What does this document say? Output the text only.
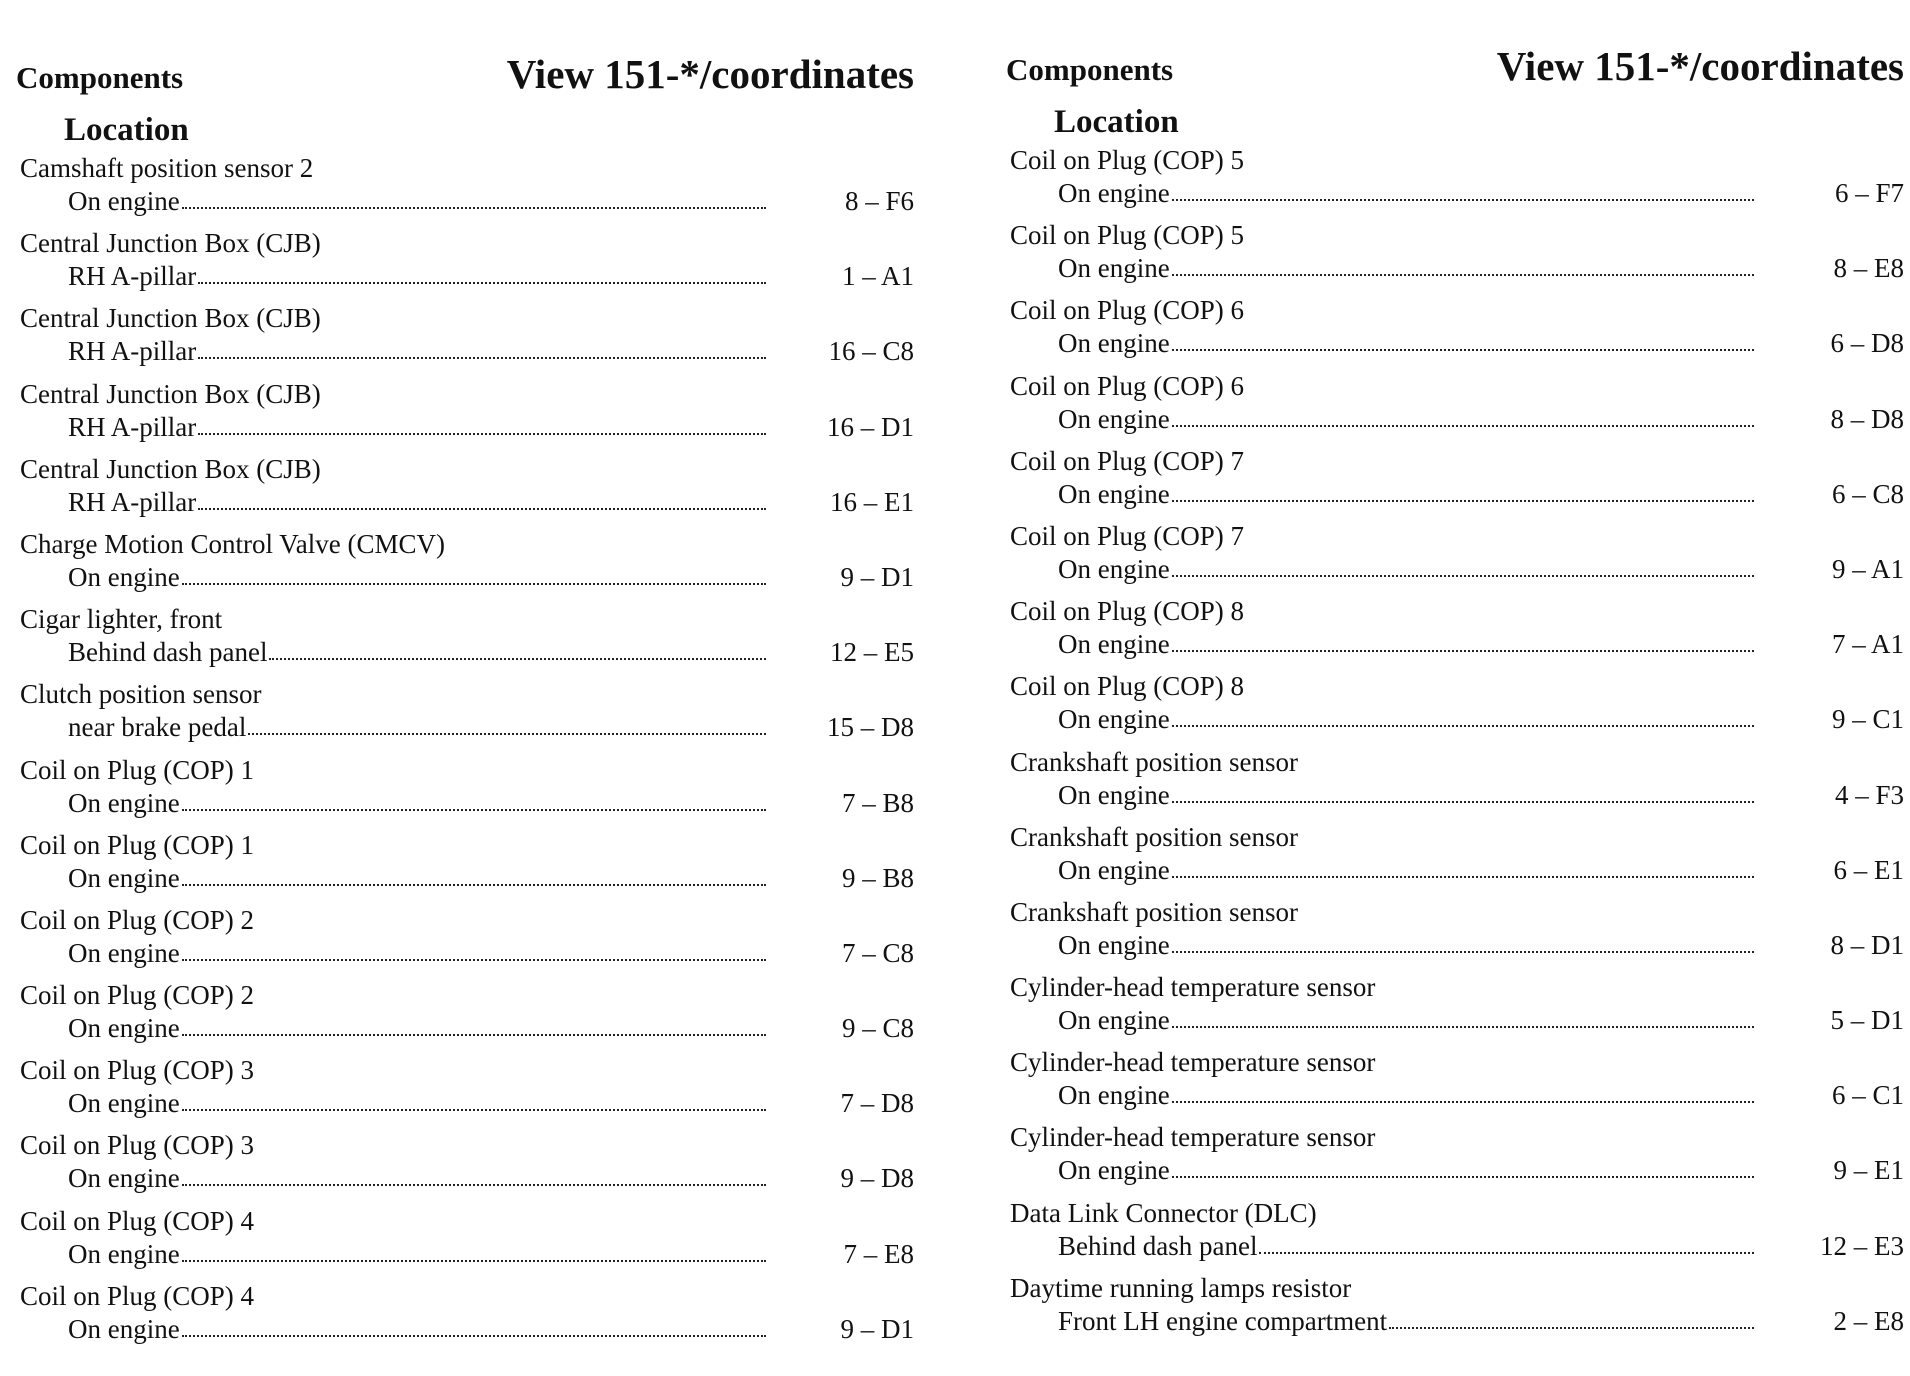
Components	View 151-*/coordinates
Location
Camshaft position sensor 2
On engine	8 – F6
Central Junction Box (CJB)
RH A-pillar	1 – A1
Central Junction Box (CJB)
RH A-pillar	16 – C8
Central Junction Box (CJB)
RH A-pillar	16 – D1
Central Junction Box (CJB)
RH A-pillar	16 – E1
Charge Motion Control Valve (CMCV)
On engine	9 – D1
Cigar lighter, front
Behind dash panel	12 – E5
Clutch position sensor
near brake pedal	15 – D8
Coil on Plug (COP) 1
On engine	7 – B8
Coil on Plug (COP) 1
On engine	9 – B8
Coil on Plug (COP) 2
On engine	7 – C8
Coil on Plug (COP) 2
On engine	9 – C8
Coil on Plug (COP) 3
On engine	7 – D8
Coil on Plug (COP) 3
On engine	9 – D8
Coil on Plug (COP) 4
On engine	7 – E8
Coil on Plug (COP) 4
On engine	9 – D1
Components	View 151-*/coordinates
Location
Coil on Plug (COP) 5
On engine	6 – F7
Coil on Plug (COP) 5
On engine	8 – E8
Coil on Plug (COP) 6
On engine	6 – D8
Coil on Plug (COP) 6
On engine	8 – D8
Coil on Plug (COP) 7
On engine	6 – C8
Coil on Plug (COP) 7
On engine	9 – A1
Coil on Plug (COP) 8
On engine	7 – A1
Coil on Plug (COP) 8
On engine	9 – C1
Crankshaft position sensor
On engine	4 – F3
Crankshaft position sensor
On engine	6 – E1
Crankshaft position sensor
On engine	8 – D1
Cylinder-head temperature sensor
On engine	5 – D1
Cylinder-head temperature sensor
On engine	6 – C1
Cylinder-head temperature sensor
On engine	9 – E1
Data Link Connector (DLC)
Behind dash panel	12 – E3
Daytime running lamps resistor
Front LH engine compartment	2 – E8
